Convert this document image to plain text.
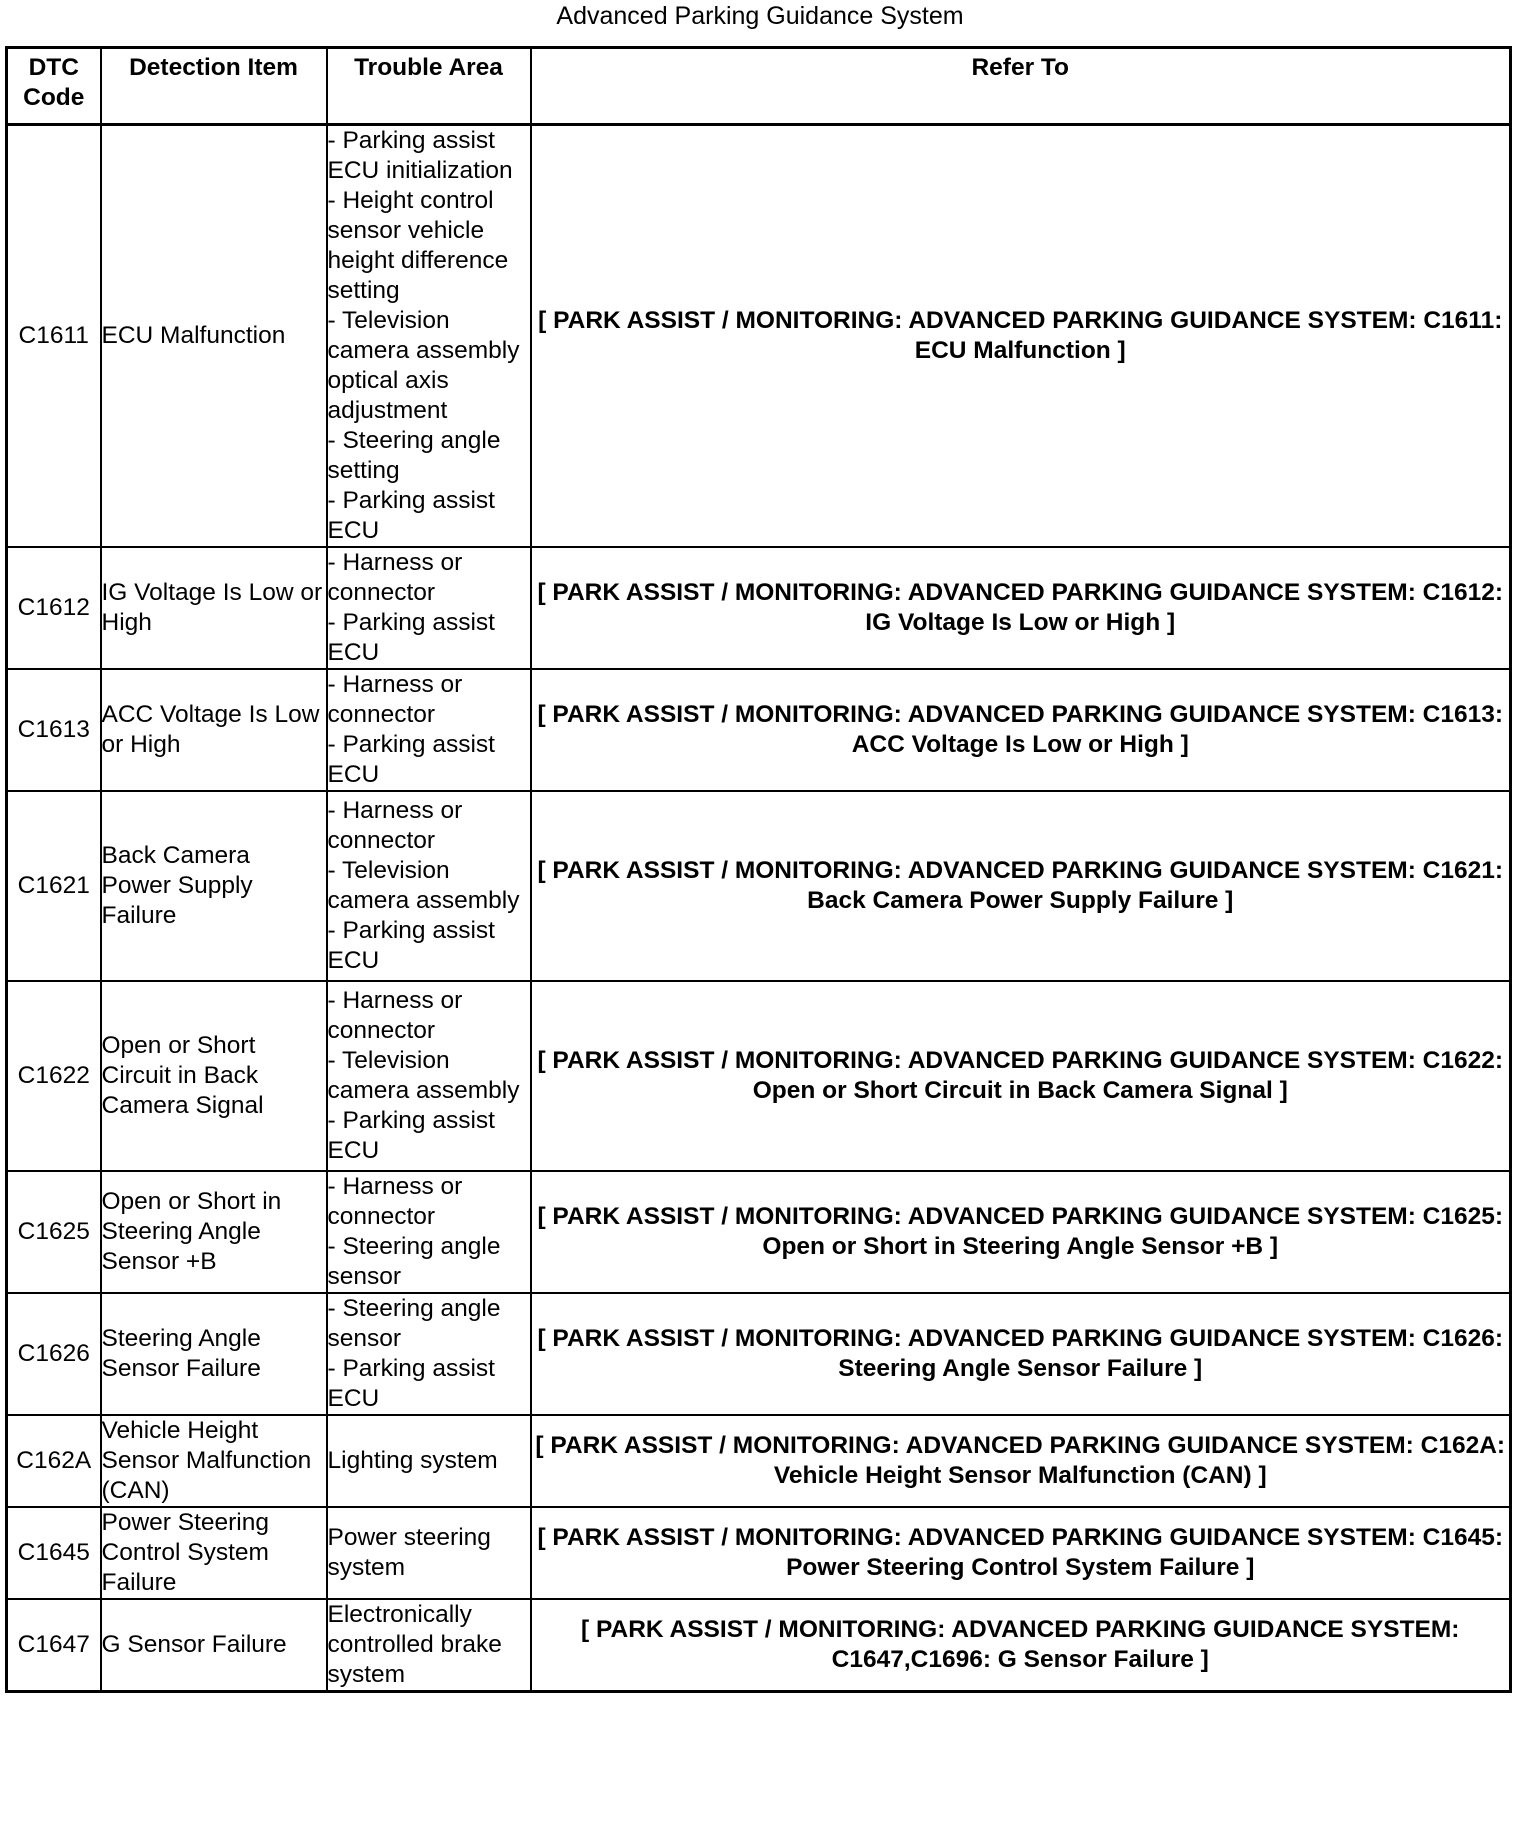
Advanced Parking Guidance System
DTC
Code	Detection Item	Trouble Area	Refer To
C1611	ECU Malfunction	- Parking assist ECU initialization
- Height control sensor vehicle height difference setting
- Television camera assembly optical axis adjustment
- Steering angle setting
- Parking assist ECU	[ PARK ASSIST / MONITORING: ADVANCED PARKING GUIDANCE SYSTEM: C1611: ECU Malfunction ]
C1612	IG Voltage Is Low or High	- Harness or connector
- Parking assist ECU	[ PARK ASSIST / MONITORING: ADVANCED PARKING GUIDANCE SYSTEM: C1612: IG Voltage Is Low or High ]
C1613	ACC Voltage Is Low or High	- Harness or connector
- Parking assist ECU	[ PARK ASSIST / MONITORING: ADVANCED PARKING GUIDANCE SYSTEM: C1613: ACC Voltage Is Low or High ]
C1621	Back Camera Power Supply Failure	- Harness or connector
- Television camera assembly
- Parking assist ECU	[ PARK ASSIST / MONITORING: ADVANCED PARKING GUIDANCE SYSTEM: C1621: Back Camera Power Supply Failure ]
C1622	Open or Short Circuit in Back Camera Signal	- Harness or connector
- Television camera assembly
- Parking assist ECU	[ PARK ASSIST / MONITORING: ADVANCED PARKING GUIDANCE SYSTEM: C1622: Open or Short Circuit in Back Camera Signal ]
C1625	Open or Short in Steering Angle Sensor +B	- Harness or connector
- Steering angle sensor	[ PARK ASSIST / MONITORING: ADVANCED PARKING GUIDANCE SYSTEM: C1625: Open or Short in Steering Angle Sensor +B ]
C1626	Steering Angle Sensor Failure	- Steering angle sensor
- Parking assist ECU	[ PARK ASSIST / MONITORING: ADVANCED PARKING GUIDANCE SYSTEM: C1626: Steering Angle Sensor Failure ]
C162A	Vehicle Height Sensor Malfunction (CAN)	Lighting system	[ PARK ASSIST / MONITORING: ADVANCED PARKING GUIDANCE SYSTEM: C162A: Vehicle Height Sensor Malfunction (CAN) ]
C1645	Power Steering Control System Failure	Power steering system	[ PARK ASSIST / MONITORING: ADVANCED PARKING GUIDANCE SYSTEM: C1645: Power Steering Control System Failure ]
C1647	G Sensor Failure	Electronically controlled brake system	[ PARK ASSIST / MONITORING: ADVANCED PARKING GUIDANCE SYSTEM: C1647,C1696: G Sensor Failure ]
